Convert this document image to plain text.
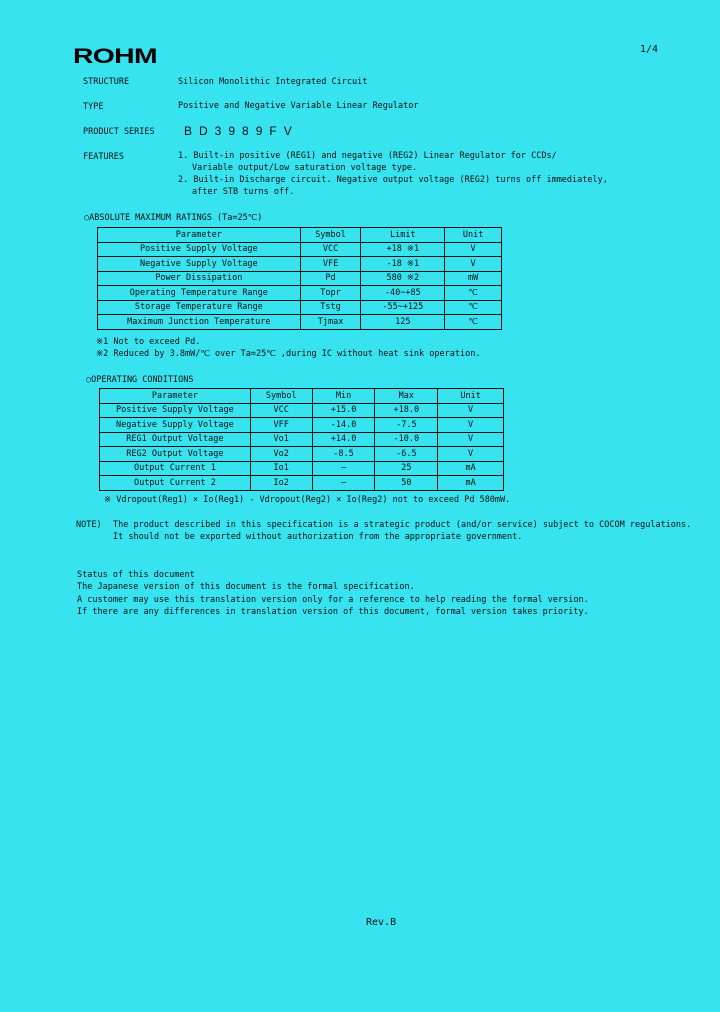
ROHM	1/4
STRUCTURE	Silicon Monolithic Integrated Circuit
TYPE	Positive and Negative Variable Linear Regulator
PRODUCT SERIES BD3989FV
FEATURES	1. Built-in positive (REG1) and negative (REG2) Linear Regulator for CCDs/
Variable output/Low saturation voltage type.
2. Built-in Discharge circuit. Negative output voltage (REG2) turns off immediately,
after STB turns off.
○ABSOLUTE MAXIMUM RATINGS (Ta=25℃)
Parameter	Symbol	Limit	Unit
Positive Supply Voltage	VCC	+18 ※1	V
Negative Supply Voltage	VFE	-18 ※1	V
Power Dissipation	Pd	580 ※2	mW
Operating Temperature Range	Topr	-40~+85	℃
Storage Temperature Range	Tstg	-55~+125	℃
Maximum Junction Temperature	Tjmax	125	℃
※1 Not to exceed Pd.
※2 Reduced by 3.8mW/℃ over Ta=25℃ ,during IC without heat sink operation.
○OPERATING CONDITIONS
Parameter	Symbol	Min	Max	Unit
Positive Supply Voltage	VCC	+15.0	+18.0	V
Negative Supply Voltage	VFF	-14.0	-7.5	V
REG1 Output Voltage	Vo1	+14.0	-10.0	V
REG2 Output Voltage	Vo2	-8.5	-6.5	V
Output Current 1	Io1	—	25	mA
Output Current 2	Io2	—	50	mA
※ Vdropout(Reg1) × Io(Reg1) - Vdropout(Reg2) × Io(Reg2) not to exceed Pd 580mW.
NOTE) The product described in this specification is a strategic product (and/or service) subject to COCOM regulations.
It should not be exported without authorization from the appropriate government.
Status of this document
The Japanese version of this document is the formal specification.
A customer may use this translation version only for a reference to help reading the formal version.
If there are any differences in translation version of this document, formal version takes priority.
Rev.B
